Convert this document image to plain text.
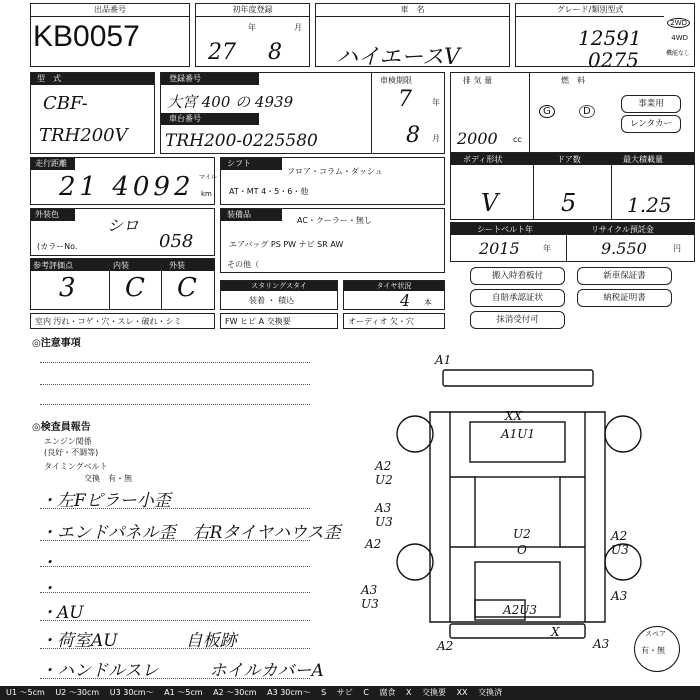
出品番号
KB0057
初年度登録
年	月
27 8
車　名
ハイエースV
グレード/類別型式
12591
0275
2WD
4WD
機能なし
型　式
CBF-
TRH200V
登録番号
大宮 400 の 4939
車台番号
TRH200-0225580
車検期限
7	年
8 月
排 気 量
2000 cc
燃　料
G	D
事業用
レンタカー
走行距離
21 4092 マイル
km
シフト
フロア・コラム・ダッシュ
AT・MT 4・5・6・他
ボディ形状	ドア数	最大積載量
V	5	1.25
外装色
シロ
(カラーNo.	058
装備品
AC・クーラー・無し
エアバッグ PS PW ナビ SR AW
その他（
シートベルト年	リサイクル預託金
2015	年	9.550	円
参考評価点	内装	外装
3 C C	スタリングスタイ
装着 ・ 積込
タイヤ状況
4 本
搬入時看板付	新車保証書
自賠承認証状	納税証明書
抹消受付可
室内 汚れ・コゲ・穴・スレ・破れ・シミ	FW ヒビ A 交換要	オーディオ 欠・穴
◎注意事項
◎検査員報告
エンジン関係
(良好・不調等)
タイミングベルト
交換　有・無
・左Fピラー小歪
・エンドパネル歪　右Rタイヤハウス歪
・
・
・AU
・荷室AU　　　　自板跡
・ハンドルスレ　　　ホイルカバーA
A1
XX
A1U1
A2
U2
A3
U3
A2
U2
O
A3
U3
A2
U3
A3
A2U3
A2
X
A3
スペア
有・無
U1 ～5cm U2 ～30cm U3 30cm～ A1 ～5cm A2 ～30cm A3 30cm～ S サビ C 腐食 X 交換要 XX 交換済
